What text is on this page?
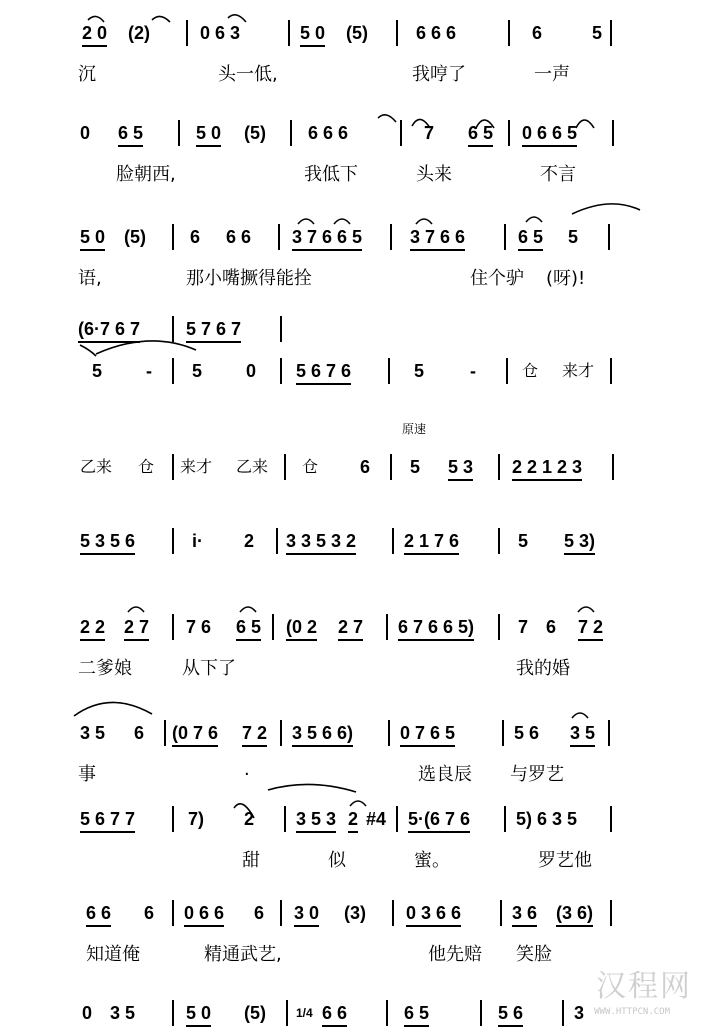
2 0 (2)	0 6 3	5 0 (5)	6 6 6	6	5
沉	头一低,	我哼了	一声
0 6 5	5 0 (5) 6 6 6	7 6 5 0 6 6 5
脸朝西,	我低下	头来	不言
5 0 (5) 6 6 6 3 7 6 6 5	3 7 6 6	6 5 5
语,	那小嘴撅得能拴	住个驴 (呀)!
(6·7 6 7	5 7 6 7
5 - 5 0 5 6 7 6	5	-	仓 来才
原速
乙来 仓 来才 乙来 仓 6 5 5 3 2 2 1 2 3
5 3 5 6	i· 2 3 3 5 3 2	2 1 7 6	5 5 3)
2 2 2 7 7 6 6 5 (0 2 2 7 6 7 6 6 5) 7 6 7 2
二爹娘	从下了	我的婚
3 5 6 (0 7 6 7 2 3 5 6 6)	0 7 6 5	5 6 3 5
事	·	选良辰 与罗艺
5 6 7 7	7) 2 3 5 3 2 #4 5·(6 7 6	5) 6 3 5
甜	似	蜜。	罗艺他
6 6 6 0 6 6 6 3 0 (3) 0 3 6 6	3 6 (3 6)
知道俺	精通武艺,	他先赔 笑脸
0 3 5	5 0 (5)	1/4 6 6	6 5	5 6	3
汉程网
WWW.HTTPCN.COM
